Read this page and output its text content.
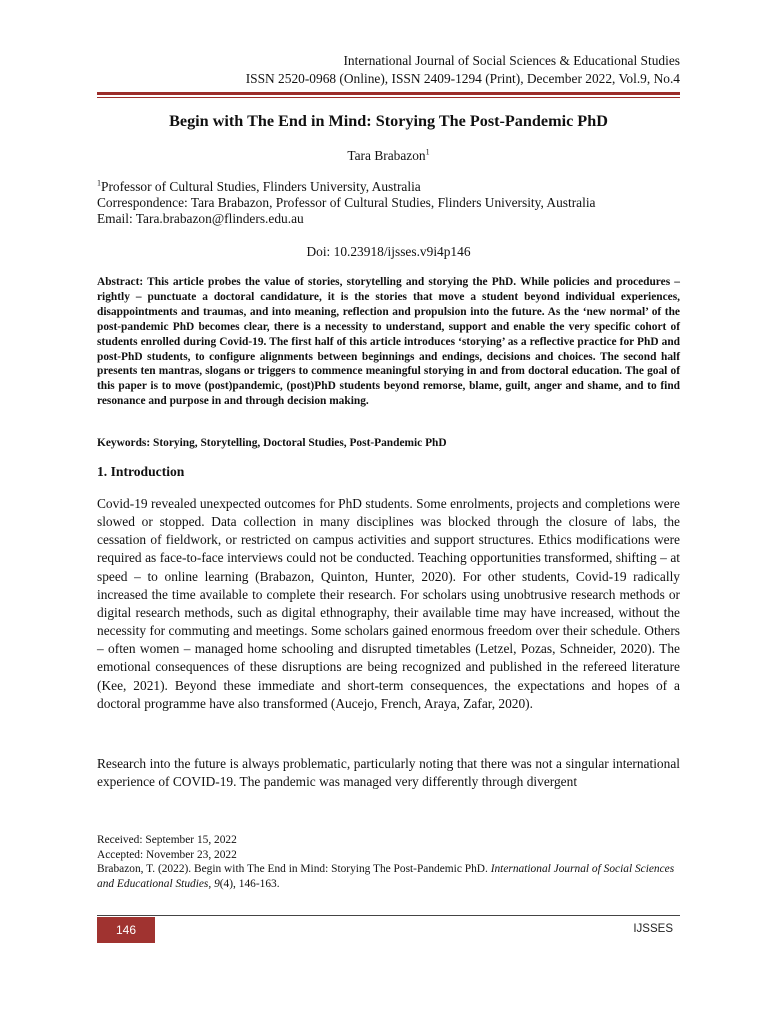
International Journal of Social Sciences & Educational Studies
ISSN 2520-0968 (Online), ISSN 2409-1294 (Print), December 2022, Vol.9, No.4
Begin with The End in Mind: Storying The Post-Pandemic PhD
Tara Brabazon$^1$
$^1$Professor of Cultural Studies, Flinders University, Australia
Correspondence: Tara Brabazon, Professor of Cultural Studies, Flinders University, Australia
Email: Tara.brabazon@flinders.edu.au
Doi: 10.23918/ijsses.v9i4p146
Abstract: This article probes the value of stories, storytelling and storying the PhD. While policies and procedures – rightly – punctuate a doctoral candidature, it is the stories that move a student beyond individual experiences, disappointments and traumas, and into meaning, reflection and propulsion into the future. As the ‘new normal’ of the post-pandemic PhD becomes clear, there is a necessity to understand, support and enable the very specific cohort of students enrolled during Covid-19. The first half of this article introduces ‘storying’ as a reflective practice for PhD and post-PhD students, to configure alignments between beginnings and endings, decisions and choices. The second half presents ten mantras, slogans or triggers to commence meaningful storying in and from doctoral education. The goal of this paper is to move (post)pandemic, (post)PhD students beyond remorse, blame, guilt, anger and shame, and to find resonance and purpose in and through decision making.
Keywords: Storying, Storytelling, Doctoral Studies, Post-Pandemic PhD
1. Introduction
Covid-19 revealed unexpected outcomes for PhD students. Some enrolments, projects and completions were slowed or stopped. Data collection in many disciplines was blocked through the closure of labs, the cessation of fieldwork, or restricted on campus activities and support structures. Ethics modifications were required as face-to-face interviews could not be conducted. Teaching opportunities transformed, shifting – at speed – to online learning (Brabazon, Quinton, Hunter, 2020). For other students, Covid-19 radically increased the time available to complete their research. For scholars using unobtrusive research methods or digital research methods, such as digital ethnography, their available time may have increased, without the necessity for commuting and meetings. Some scholars gained enormous freedom over their schedule. Others – often women – managed home schooling and disrupted timetables (Letzel, Pozas, Schneider, 2020). The emotional consequences of these disruptions are being recognized and published in the refereed literature (Kee, 2021). Beyond these immediate and short-term consequences, the expectations and hopes of a doctoral programme have also transformed (Aucejo, French, Araya, Zafar, 2020).
Research into the future is always problematic, particularly noting that there was not a singular international experience of COVID-19. The pandemic was managed very differently through divergent
Received: September 15, 2022
Accepted: November 23, 2022
Brabazon, T. (2022). Begin with The End in Mind: Storying The Post-Pandemic PhD. International Journal of Social Sciences and Educational Studies, 9(4), 146-163.
146	IJSSES
